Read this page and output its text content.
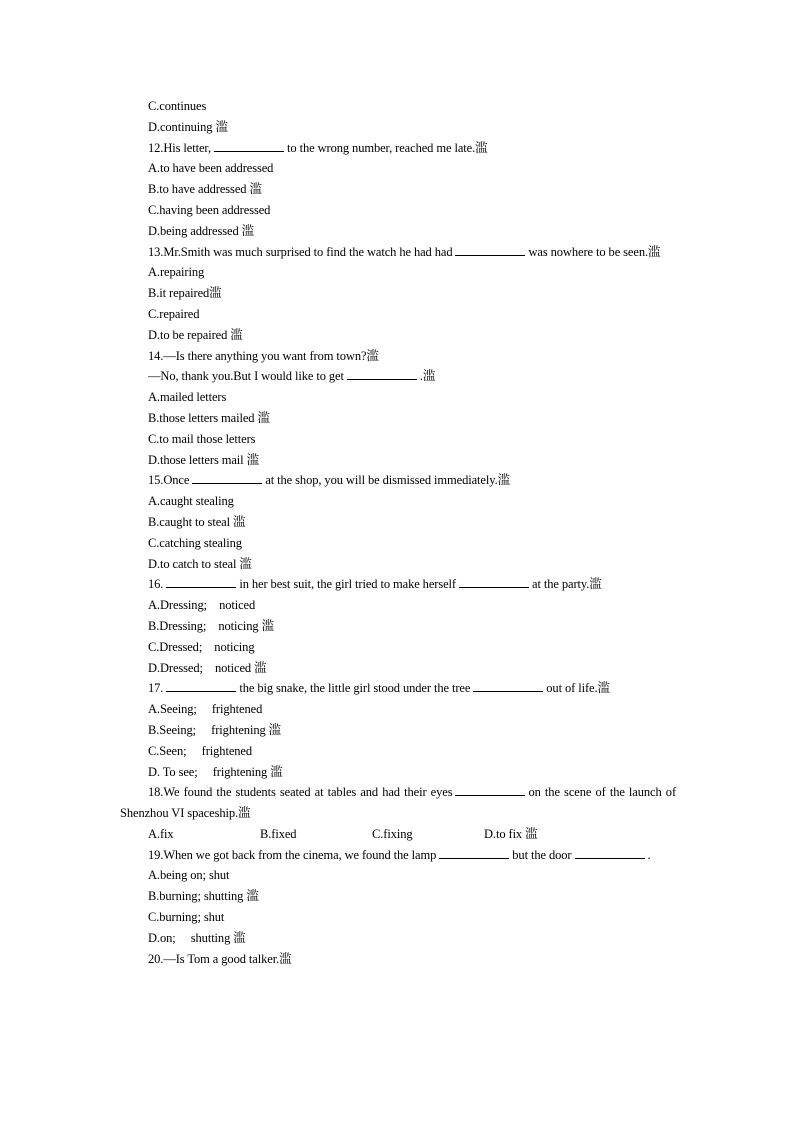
C.continues
D.continuing 滥
12.His letter,	to the wrong number, reached me late.滥
A.to have been addressed
B.to have addressed 滥
C.having been addressed
D.being addressed 滥
13.Mr.Smith was much surprised to find the watch he had had	was nowhere to be seen.滥
A.repairing
B.it repaired滥
C.repaired
D.to be repaired 滥
14.—Is there anything you want from town?滥
—No, thank you.But I would like to get	.滥
A.mailed letters
B.those letters mailed 滥
C.to mail those letters
D.those letters mail 滥
15.Once	at the shop, you will be dismissed immediately.滥
A.caught stealing
B.caught to steal 滥
C.catching stealing
D.to catch to steal 滥
16.	in her best suit, the girl tried to make herself	at the party.滥
A.Dressing;    noticed
B.Dressing;    noticing 滥
C.Dressed;    noticing
D.Dressed;    noticed 滥
17.	the big snake, the little girl stood under the tree	out of life.滥
A.Seeing;     frightened
B.Seeing;     frightening 滥
C.Seen;     frightened
D. To see;     frightening 滥
18.We found the students seated at tables and had their eyes	on the scene of the launch of Shenzhou VI spaceship.滥
A.fix	B.fixed	C.fixing	D.to fix 滥
19.When we got back from the cinema, we found the lamp	but the door	.
A.being on; shut
B.burning; shutting 滥
C.burning; shut
D.on;     shutting 滥
20.—Is Tom a good talker.滥
